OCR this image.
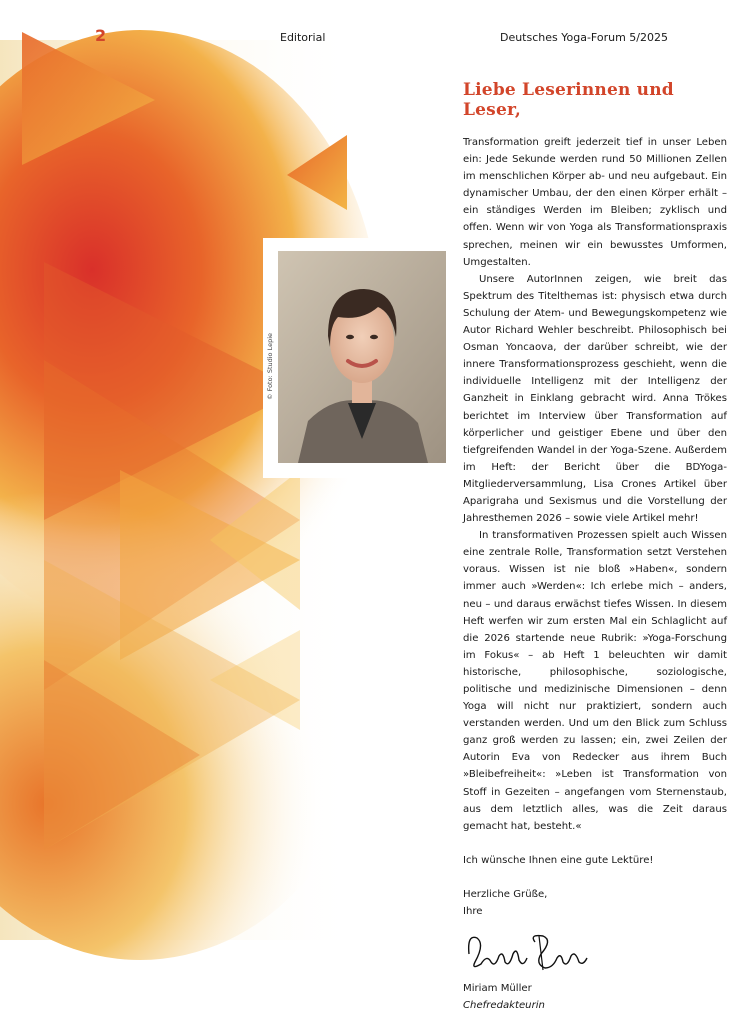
2	Editorial	Deutsches Yoga-Forum 5/2025
© Foto: Studio Lepie
Liebe Leserinnen und Leser,

Transformation greift jederzeit tief in unser Leben ein: Jede Sekunde werden rund 50 Millionen Zellen im menschlichen Körper ab- und neu aufgebaut. Ein dynamischer Umbau, der den einen Körper erhält – ein ständiges Werden im Bleiben; zyklisch und offen. Wenn wir von Yoga als Transformationspraxis sprechen, meinen wir ein bewusstes Umformen, Umgestalten.

Unsere AutorInnen zeigen, wie breit das Spektrum des Titelthemas ist: physisch etwa durch Schulung der Atem- und Bewegungskompetenz wie Autor Richard Wehler beschreibt. Philosophisch bei Osman Yoncaova, der darüber schreibt, wie der innere Transformationsprozess geschieht, wenn die individuelle Intelligenz mit der Intelligenz der Ganzheit in Einklang gebracht wird. Anna Trökes berichtet im Interview über Transformation auf körperlicher und geistiger Ebene und über den tiefgreifenden Wandel in der Yoga-Szene. Außerdem im Heft: der Bericht über die BDYoga-Mitgliederversammlung, Lisa Crones Artikel über Aparigraha und Sexismus und die Vorstellung der Jahresthemen 2026 – sowie viele Artikel mehr!

In transformativen Prozessen spielt auch Wissen eine zentrale Rolle, Transformation setzt Verstehen voraus. Wissen ist nie bloß »Haben«, sondern immer auch »Werden«: Ich erlebe mich – anders, neu – und daraus erwächst tiefes Wissen. In diesem Heft werfen wir zum ersten Mal ein Schlaglicht auf die 2026 startende neue Rubrik: »Yoga-Forschung im Fokus« – ab Heft 1 beleuchten wir damit historische, philosophische, soziologische, politische und medizinische Dimensionen – denn Yoga will nicht nur praktiziert, sondern auch verstanden werden. Und um den Blick zum Schluss ganz groß werden zu lassen; ein, zwei Zeilen der Autorin Eva von Redecker aus ihrem Buch »Bleibefreiheit«: »Leben ist Transformation von Stoff in Gezeiten – angefangen vom Sternenstaub, aus dem letztlich alles, was die Zeit daraus gemacht hat, besteht.«

Ich wünsche Ihnen eine gute Lektüre!

Herzliche Grüße,

Ihre

Miriam Müller

Chefredakteurin
